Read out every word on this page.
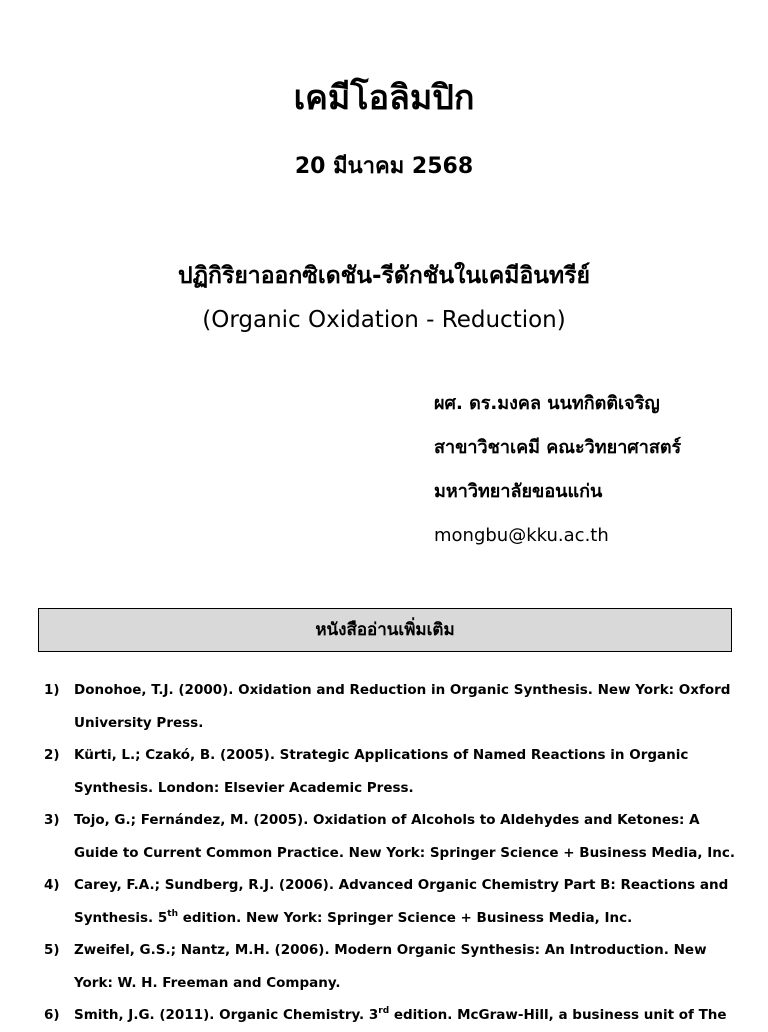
เคมีโอลิมปิก
20 มีนาคม 2568
ปฏิกิริยาออกซิเดชัน-รีดักชันในเคมีอินทรีย์
(Organic Oxidation - Reduction)
ผศ. ดร.มงคล นนทกิตติเจริญ
สาขาวิชาเคมี คณะวิทยาศาสตร์
มหาวิทยาลัยขอนแก่น
mongbu@kku.ac.th
หนังสืออ่านเพิ่มเติม
1) Donohoe, T.J. (2000). Oxidation and Reduction in Organic Synthesis. New York: Oxford
University Press.
2) Kürti, L.; Czakó, B. (2005). Strategic Applications of Named Reactions in Organic
Synthesis. London: Elsevier Academic Press.
3) Tojo, G.; Fernández, M. (2005). Oxidation of Alcohols to Aldehydes and Ketones: A
Guide to Current Common Practice. New York: Springer Science + Business Media, Inc.
4) Carey, F.A.; Sundberg, R.J. (2006). Advanced Organic Chemistry Part B: Reactions and
Synthesis. 5th edition. New York: Springer Science + Business Media, Inc.
5) Zweifel, G.S.; Nantz, M.H. (2006). Modern Organic Synthesis: An Introduction. New
York: W. H. Freeman and Company.
6) Smith, J.G. (2011). Organic Chemistry. 3rd edition. McGraw-Hill, a business unit of The
